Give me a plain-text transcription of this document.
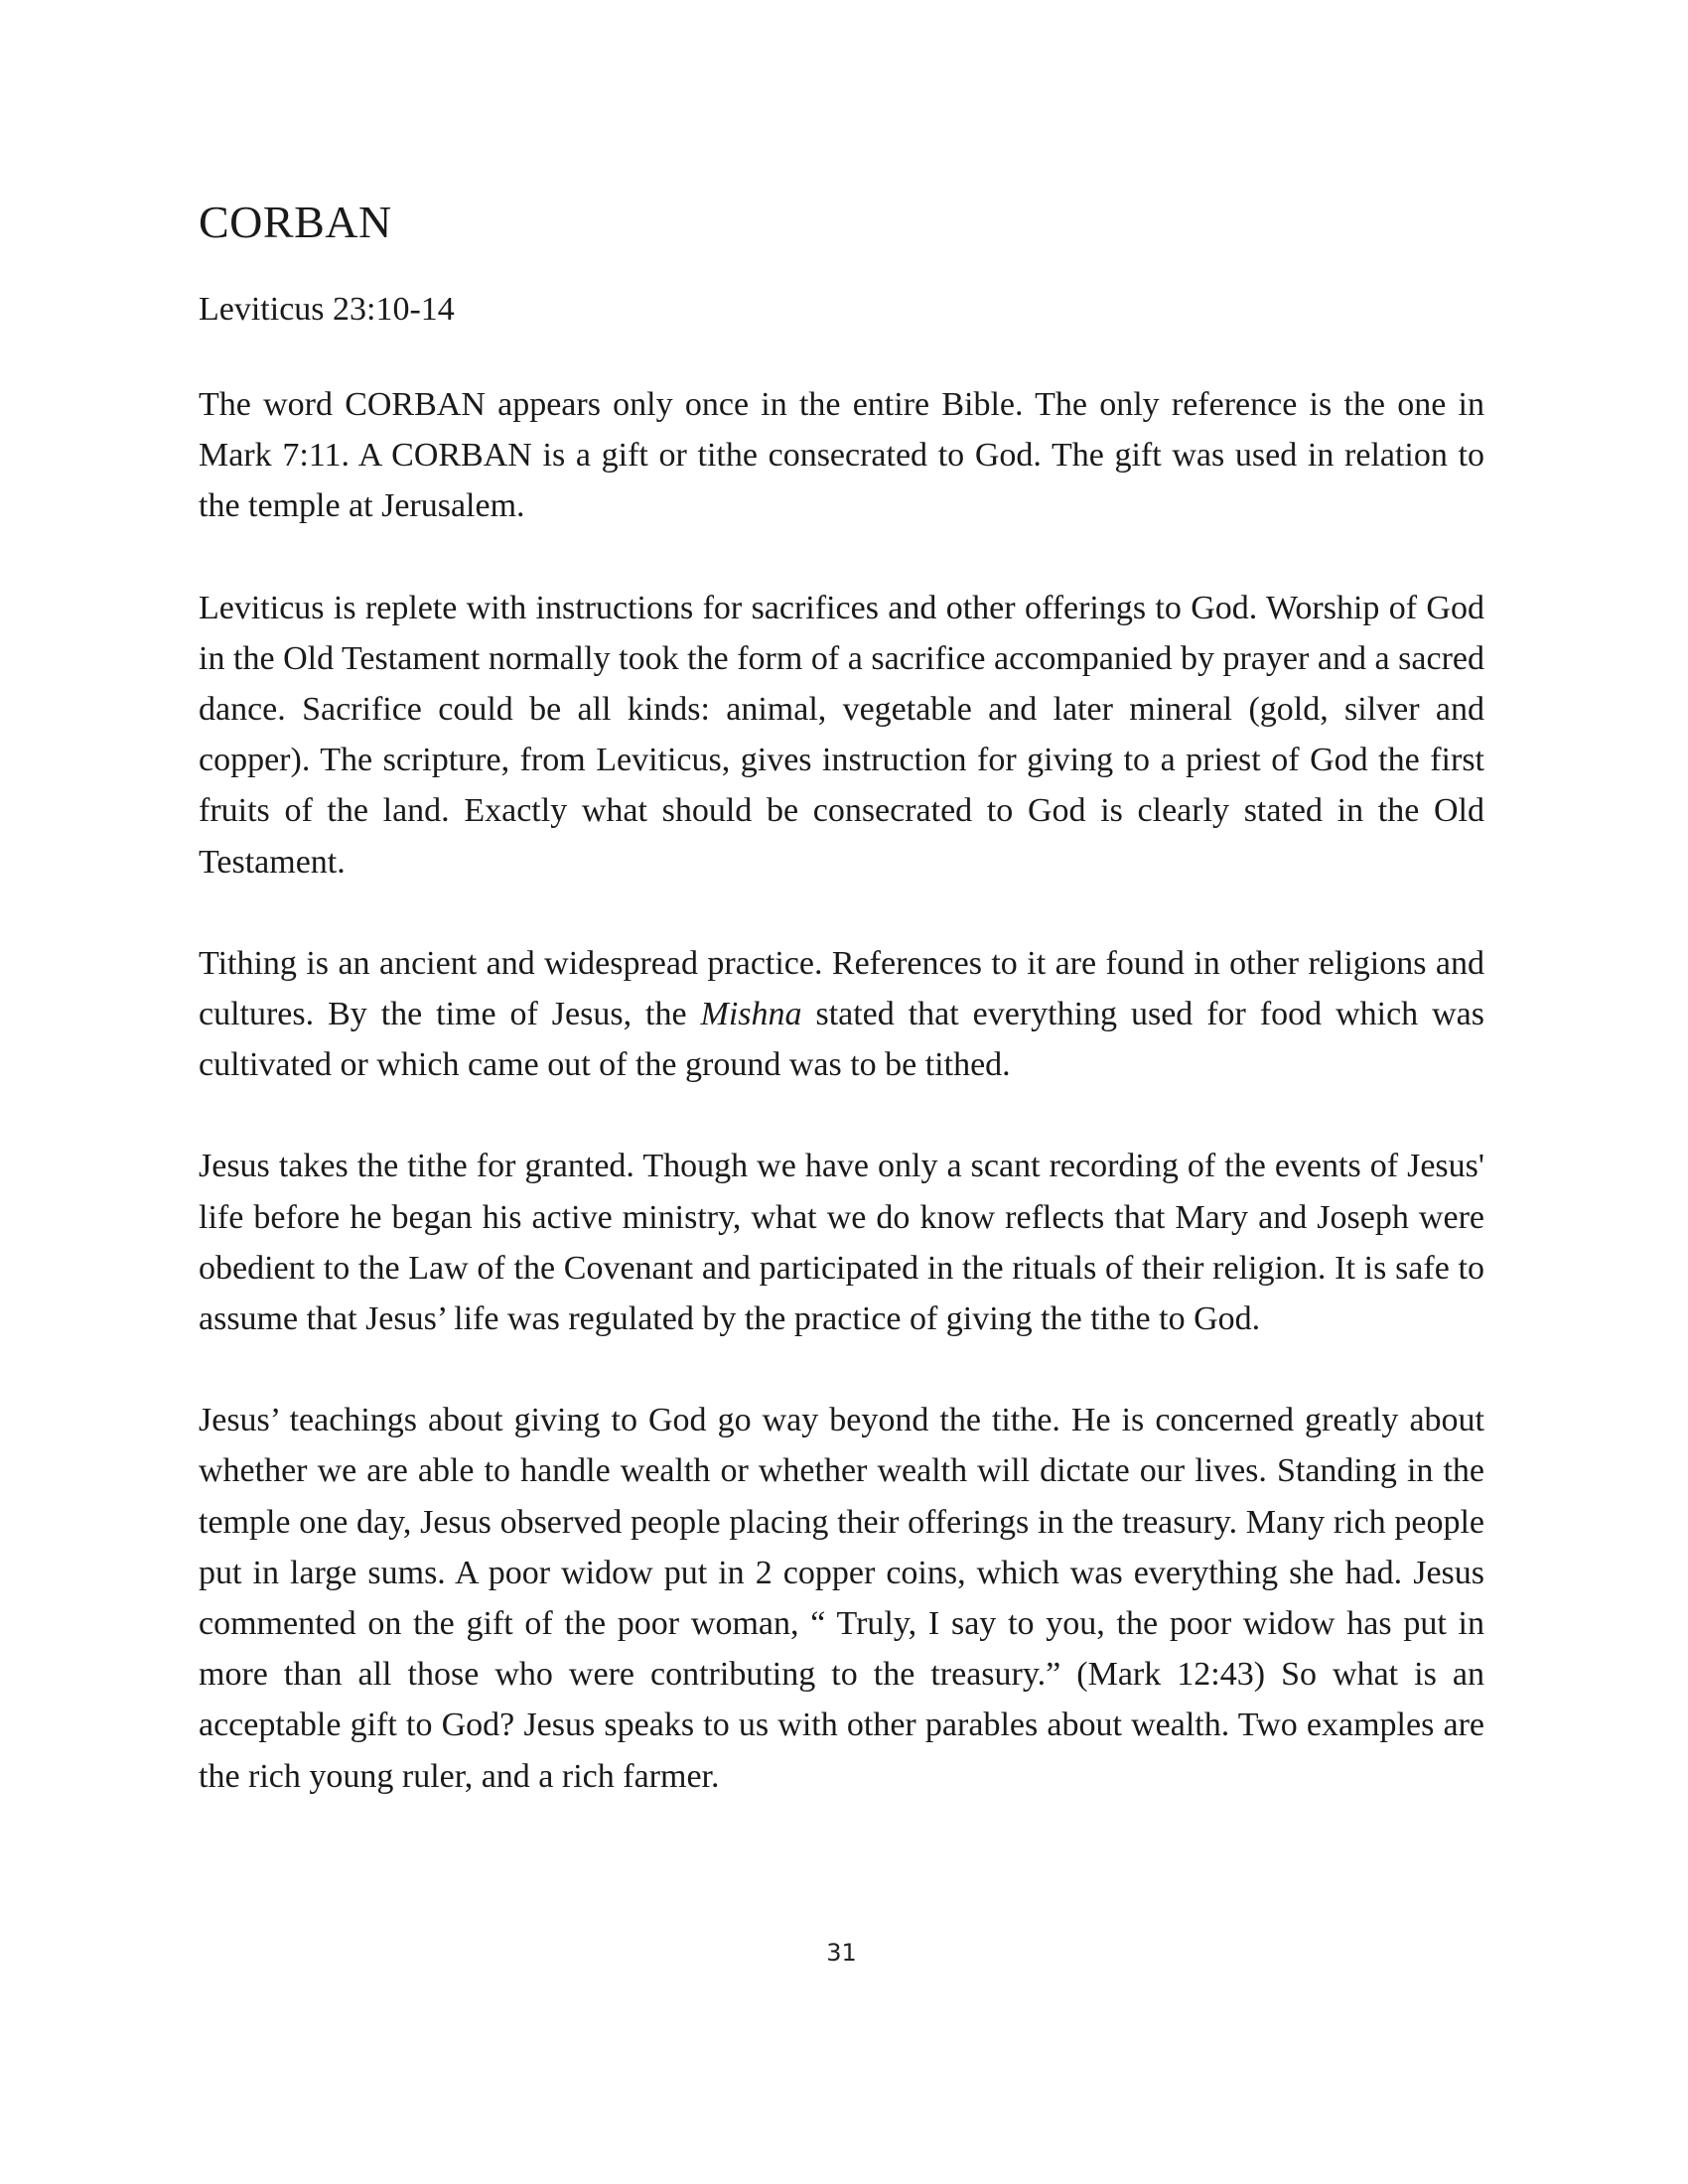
CORBAN

Leviticus 23:10-14

The word CORBAN appears only once in the entire Bible. The only reference is the one in Mark 7:11. A CORBAN is a gift or tithe consecrated to God. The gift was used in relation to the temple at Jerusalem.

Leviticus is replete with instructions for sacrifices and other offerings to God. Worship of God in the Old Testament normally took the form of a sacrifice accompanied by prayer and a sacred dance. Sacrifice could be all kinds: animal, vegetable and later mineral (gold, silver and copper). The scripture, from Leviticus, gives instruction for giving to a priest of God the first fruits of the land. Exactly what should be consecrated to God is clearly stated in the Old Testament.

Tithing is an ancient and widespread practice. References to it are found in other religions and cultures. By the time of Jesus, the Mishna stated that everything used for food which was cultivated or which came out of the ground was to be tithed.

Jesus takes the tithe for granted. Though we have only a scant recording of the events of Jesus' life before he began his active ministry, what we do know reflects that Mary and Joseph were obedient to the Law of the Covenant and participated in the rituals of their religion. It is safe to assume that Jesus’ life was regulated by the practice of giving the tithe to God.

Jesus’ teachings about giving to God go way beyond the tithe. He is concerned greatly about whether we are able to handle wealth or whether wealth will dictate our lives. Standing in the temple one day, Jesus observed people placing their offerings in the treasury. Many rich people put in large sums. A poor widow put in 2 copper coins, which was everything she had. Jesus commented on the gift of the poor woman, “ Truly, I say to you, the poor widow has put in more than all those who were contributing to the treasury.” (Mark 12:43) So what is an acceptable gift to God? Jesus speaks to us with other parables about wealth. Two examples are the rich young ruler, and a rich farmer.

31
